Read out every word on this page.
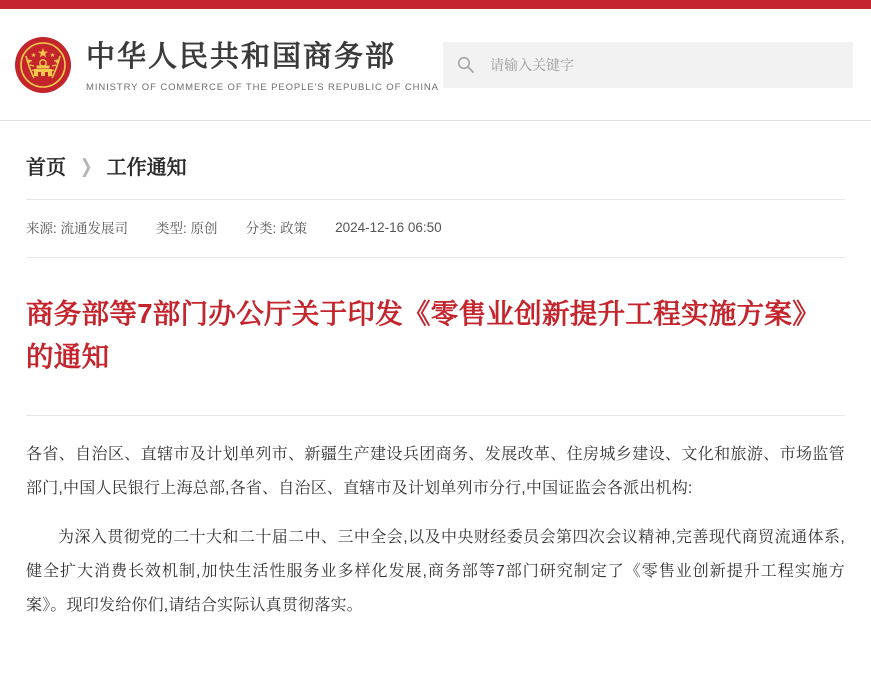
中华人民共和国商务部
MINISTRY OF COMMERCE OF THE PEOPLE'S REPUBLIC OF CHINA
请输入关键字
首页 ❯ 工作通知
来源: 流通发展司 类型: 原创 分类: 政策 2024-12-16 06:50
商务部等7部门办公厅关于印发《零售业创新提升工程实施方案》的通知

各省、自治区、直辖市及计划单列市、新疆生产建设兵团商务、发展改革、住房城乡建设、文化和旅游、市场监管部门,中国人民银行上海总部,各省、自治区、直辖市及计划单列市分行,中国证监会各派出机构:

为深入贯彻党的二十大和二十届二中、三中全会,以及中央财经委员会第四次会议精神,完善现代商贸流通体系,健全扩大消费长效机制,加快生活性服务业多样化发展,商务部等7部门研究制定了《零售业创新提升工程实施方案》。现印发给你们,请结合实际认真贯彻落实。
